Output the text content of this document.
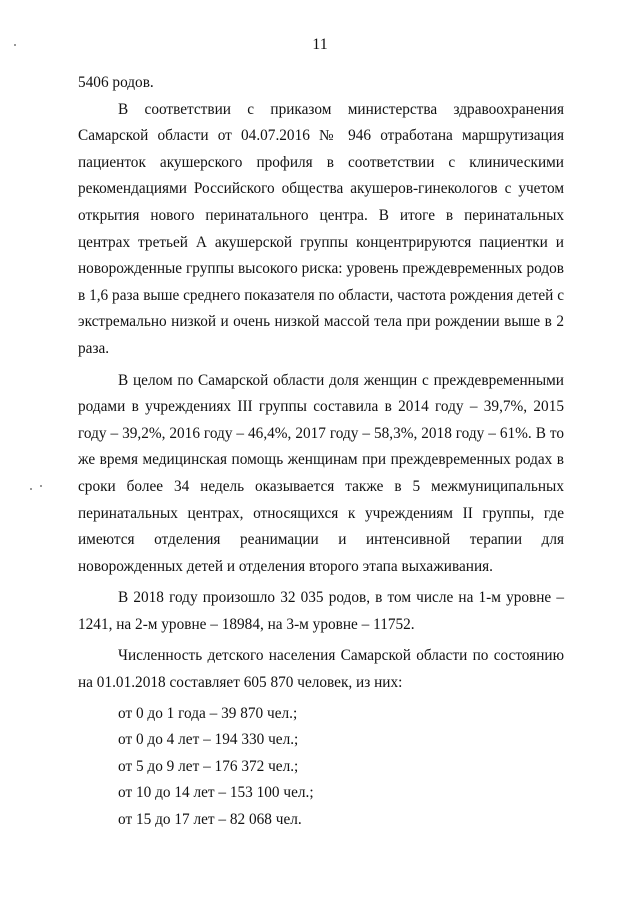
11

5406 родов.

В соответствии с приказом министерства здравоохранения Самарской области от 04.07.2016 № 946 отработана маршрутизация пациенток акушерского профиля в соответствии с клиническими рекомендациями Российского общества акушеров-гинекологов с учетом открытия нового перинатального центра. В итоге в перинатальных центрах третьей А акушерской группы концентрируются пациентки и новорожденные группы высокого риска: уровень преждевременных родов в 1,6 раза выше среднего показателя по области, частота рождения детей с экстремально низкой и очень низкой массой тела при рождении выше в 2 раза.

В целом по Самарской области доля женщин с преждевременными родами в учреждениях III группы составила в 2014 году – 39,7%, 2015 году – 39,2%, 2016 году – 46,4%, 2017 году – 58,3%, 2018 году – 61%. В то же время медицинская помощь женщинам при преждевременных родах в сроки более 34 недель оказывается также в 5 межмуниципальных перинатальных центрах, относящихся к учреждениям II группы, где имеются отделения реанимации и интенсивной терапии для новорожденных детей и отделения второго этапа выхаживания.

В 2018 году произошло 32 035 родов, в том числе на 1-м уровне – 1241, на 2-м уровне – 18984, на 3-м уровне – 11752.

Численность детского населения Самарской области по состоянию на 01.01.2018 составляет 605 870 человек, из них:

от 0 до 1 года – 39 870 чел.;
от 0 до 4 лет – 194 330 чел.;
от 5 до 9 лет – 176 372 чел.;
от 10 до 14 лет – 153 100 чел.;
от 15 до 17 лет – 82 068 чел.
